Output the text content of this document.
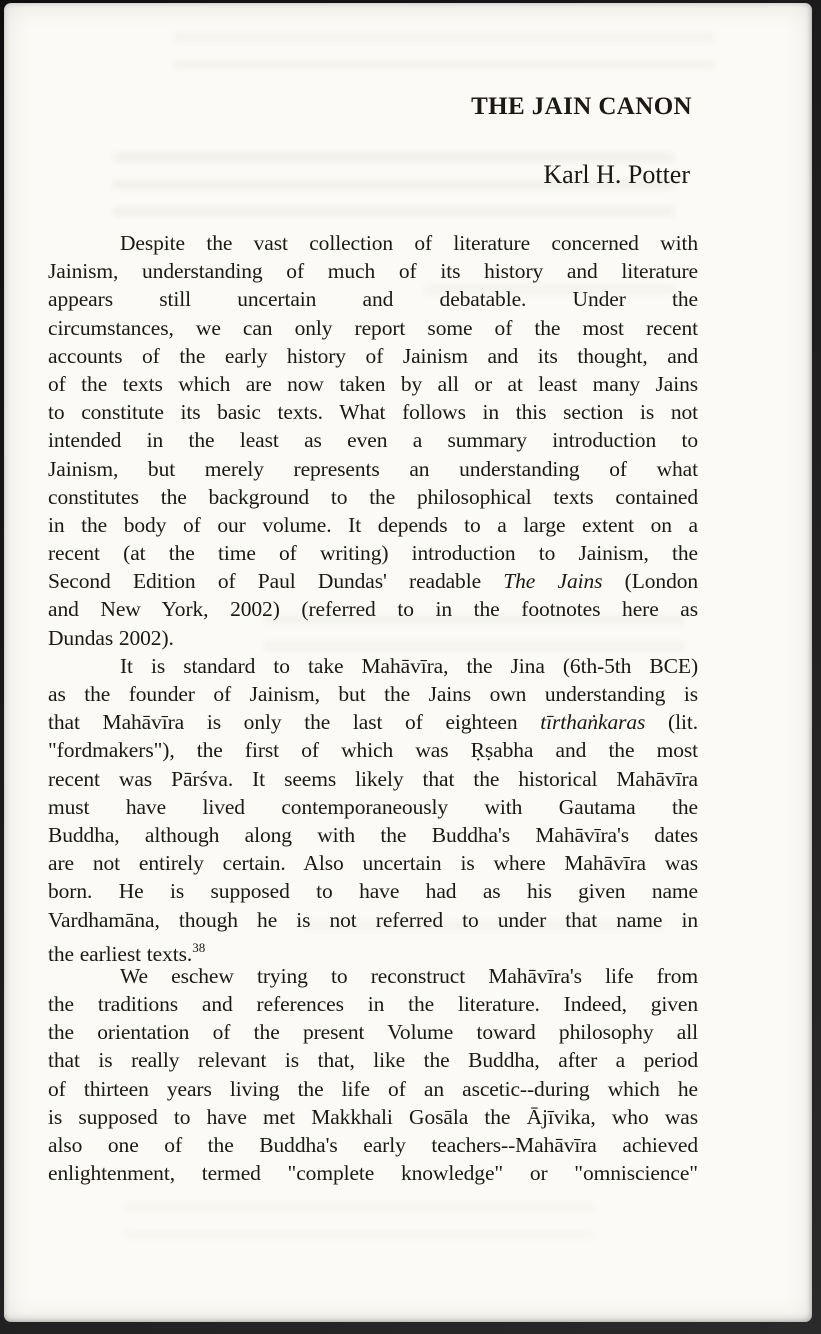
THE JAIN CANON
Karl H. Potter
Despite the vast collection of literature concerned with
Jainism, understanding of much of its history and literature
appears still uncertain and debatable. Under the
circumstances, we can only report some of the most recent
accounts of the early history of Jainism and its thought, and
of the texts which are now taken by all or at least many Jains
to constitute its basic texts. What follows in this section is not
intended in the least as even a summary introduction to
Jainism, but merely represents an understanding of what
constitutes the background to the philosophical texts contained
in the body of our volume. It depends to a large extent on a
recent (at the time of writing) introduction to Jainism, the
Second Edition of Paul Dundas' readable The Jains (London
and New York, 2002) (referred to in the footnotes here as
Dundas 2002).
It is standard to take Mahāvīra, the Jina (6th-5th BCE)
as the founder of Jainism, but the Jains own understanding is
that Mahāvīra is only the last of eighteen tīrthaṅkaras (lit.
"fordmakers"), the first of which was Ṛṣabha and the most
recent was Pārśva. It seems likely that the historical Mahāvīra
must have lived contemporaneously with Gautama the
Buddha, although along with the Buddha's Mahāvīra's dates
are not entirely certain. Also uncertain is where Mahāvīra was
born. He is supposed to have had as his given name
Vardhamāna, though he is not referred to under that name in
the earliest texts.$^{38}$
We eschew trying to reconstruct Mahāvīra's life from
the traditions and references in the literature. Indeed, given
the orientation of the present Volume toward philosophy all
that is really relevant is that, like the Buddha, after a period
of thirteen years living the life of an ascetic--during which he
is supposed to have met Makkhali Gosāla the Ājīvika, who was
also one of the Buddha's early teachers--Mahāvīra achieved
enlightenment, termed "complete knowledge" or "omniscience"
